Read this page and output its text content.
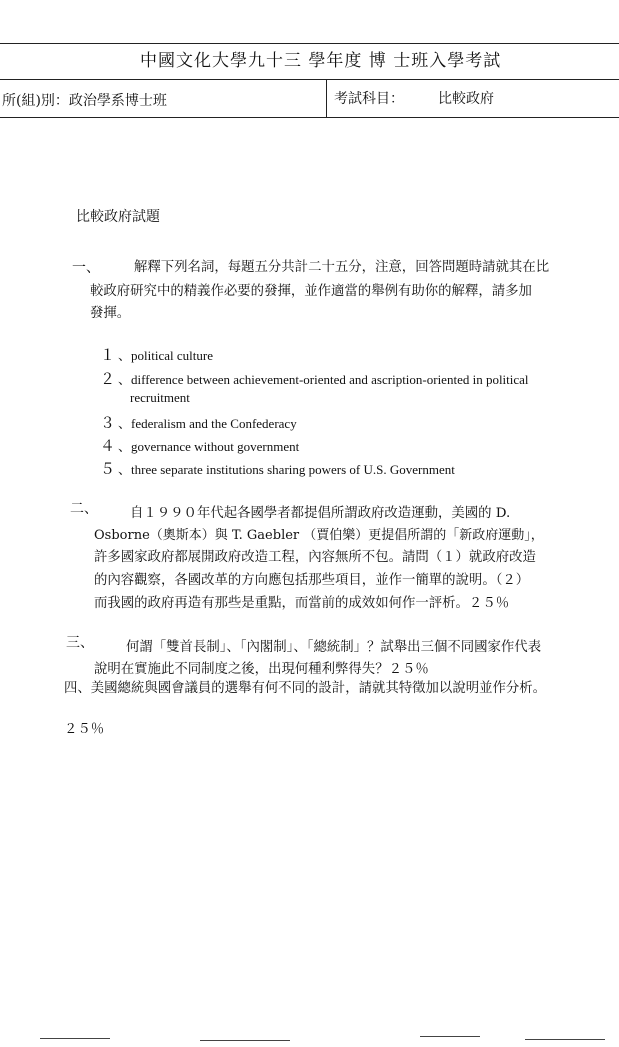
中國文化大學九十三 學年度 博 士班入學考試
所(組)別：政治學系博士班	考試科目： 比較政府
比較政府試題
一、	解釋下列名詞，每題五分共計二十五分，注意，回答問題時請就其在比
較政府研究中的精義作必要的發揮，並作適當的舉例有助你的解釋，請多加
發揮。
１ 、political culture
２ 、difference between achievement-oriented and ascription-oriented in political
recruitment
３ 、federalism and the Confederacy
４ 、governance without government
５ 、three separate institutions sharing powers of U.S. Government
二、 自１９９０年代起各國學者都提倡所謂政府改造運動，美國的 D.
Osborne（奧斯本）與 T. Gaebler （賈伯樂）更提倡所謂的「新政府運動」，
許多國家政府都展開政府改造工程，內容無所不包。請問（１）就政府改造
的內容觀察，各國改革的方向應包括那些項目，並作一簡單的說明。（２）
而我國的政府再造有那些是重點，而當前的成效如何作一評析。２５％
三、 何謂「雙首長制」、「內閣制」、「總統制」？試舉出三個不同國家作代表
說明在實施此不同制度之後，出現何種利弊得失？２５％
四、美國總統與國會議員的選舉有何不同的設計，請就其特徵加以說明並作分析。
２５％
